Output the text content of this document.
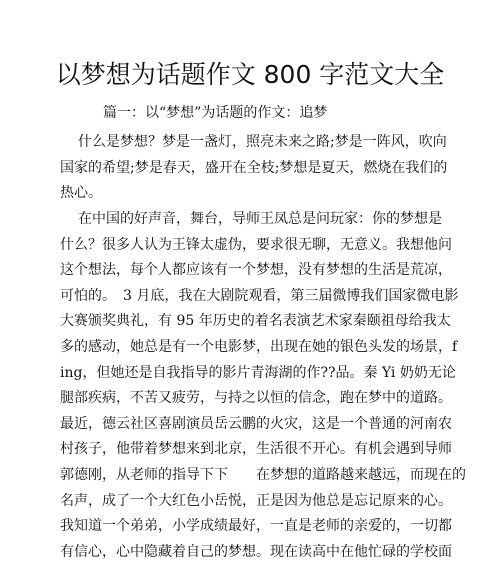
以梦想为话题作文 800 字范文大全
篇一：以“梦想”为话题的作文：追梦
什么是梦想？梦是一盏灯，照亮未来之路;梦是一阵风，吹向
国家的希望;梦是春天，盛开在全枝;梦想是夏天，燃烧在我们的
热心。
在中国的好声音，舞台，导师王凤总是问玩家：你的梦想是
什么？很多人认为王锋太虚伪，要求很无聊，无意义。我想他问
这个想法，每个人都应该有一个梦想，没有梦想的生活是荒凉，
可怕的。　3 月底，我在大剧院观看，第三届微博我们国家微电影
大赛颁奖典礼，有 95 年历史的着名表演艺术家秦颐祖母给我太
多的感动，她总是有一个电影梦，出现在她的银色头发的场景，f
ing，但她还是自我指导的影片青海湖的作??品。秦 Yi 奶奶无论
腿部疾病，不苦又疲劳，与持之以恒的信念，跑在梦中的道路。
最近，德云社区喜剧演员岳云鹏的火灾，这是一个普通的河南农
村孩子，他带着梦想来到北京，生活很不开心。有机会遇到导师
郭德刚，从老师的指导下下　　在梦想的道路越来越远，而现在的
名声，成了一个大红色小岳悦，正是因为他总是忘记原来的心。
我知道一个弟弟，小学成绩最好，一直是老师的亲爱的，一切都
有信心，心中隐藏着自己的梦想。现在读高中在他忙碌的学校面
